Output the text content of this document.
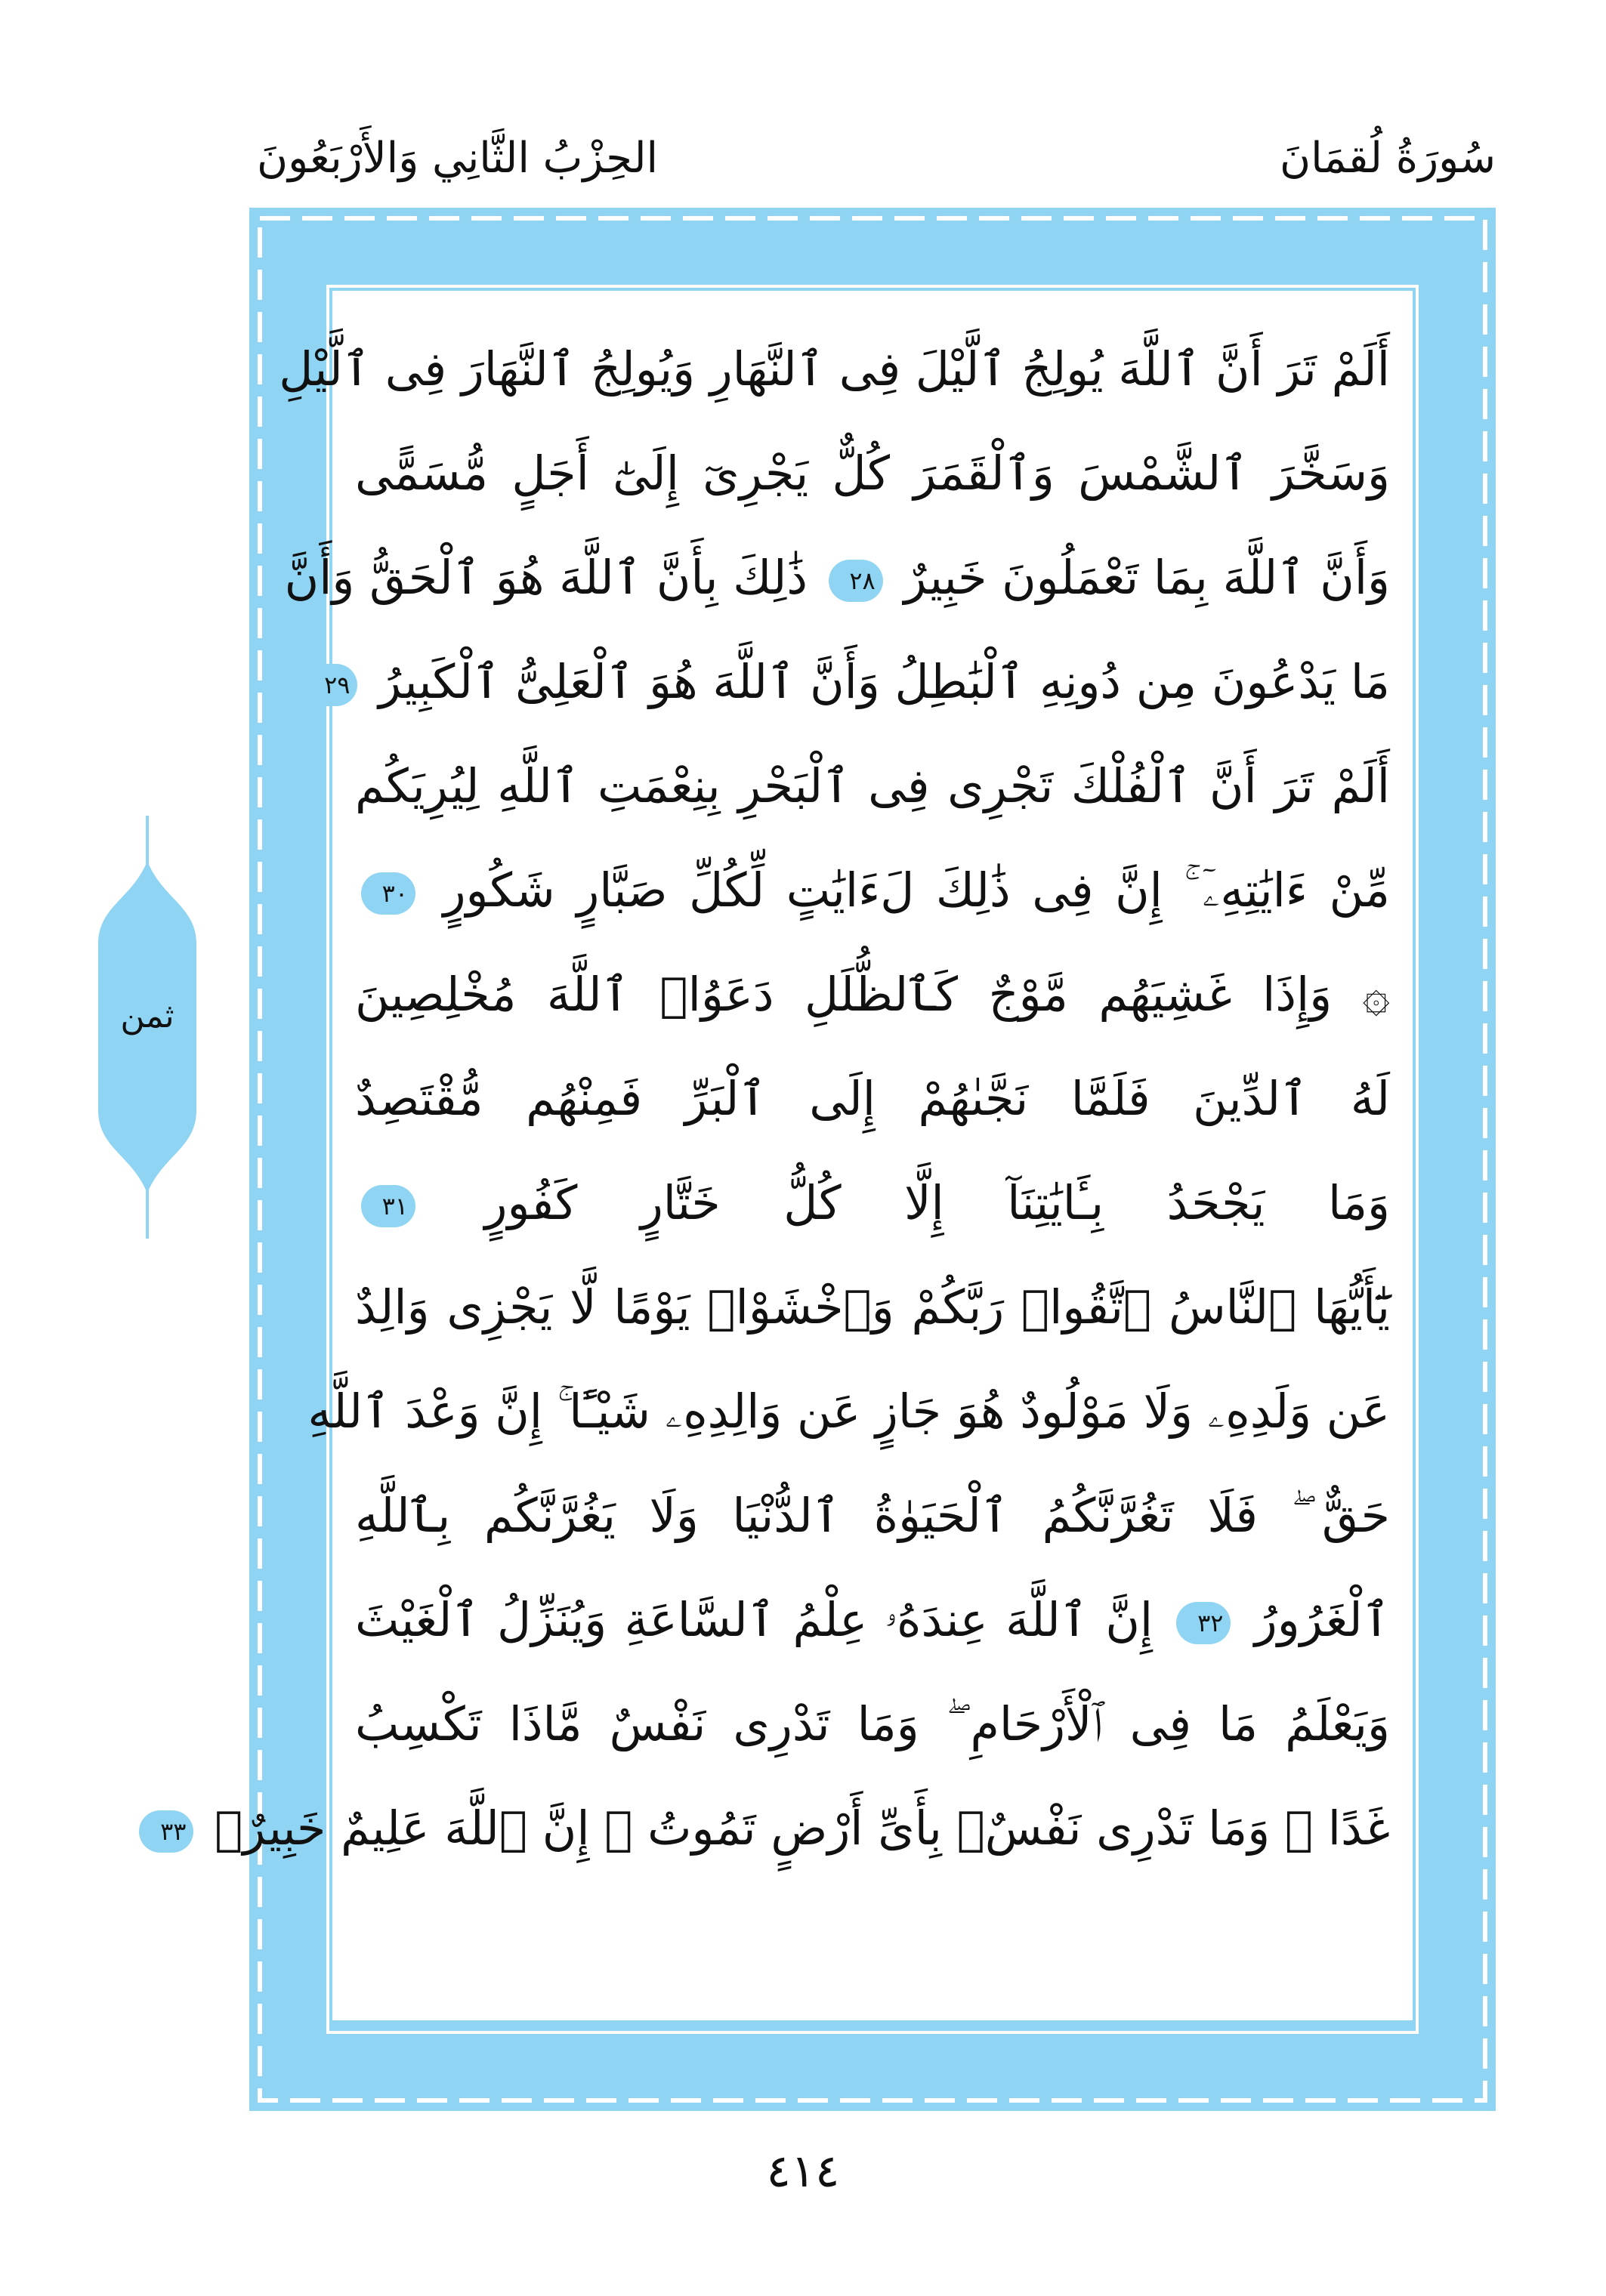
سُورَةُ لُقمَانَ
الحِزْبُ الثَّانِي وَالأَرْبَعُونَ
أَلَمْ تَرَ أَنَّ ٱللَّهَ يُولِجُ ٱلَّيْلَ فِى ٱلنَّهَارِ وَيُولِجُ ٱلنَّهَارَ فِى ٱلَّيْلِ
وَسَخَّرَ ٱلشَّمْسَ وَٱلْقَمَرَ كُلٌّ يَجْرِىٓ إِلَىٰٓ أَجَلٍ مُّسَمًّى
وَأَنَّ ٱللَّهَ بِمَا تَعْمَلُونَ خَبِيرٌ ٢٨ ذَٰلِكَ بِأَنَّ ٱللَّهَ هُوَ ٱلْحَقُّ وَأَنَّ
مَا يَدْعُونَ مِن دُونِهِ ٱلْبَٰطِلُ وَأَنَّ ٱللَّهَ هُوَ ٱلْعَلِىُّ ٱلْكَبِيرُ ٢٩
أَلَمْ تَرَ أَنَّ ٱلْفُلْكَ تَجْرِى فِى ٱلْبَحْرِ بِنِعْمَتِ ٱللَّهِ لِيُرِيَكُم
مِّنْ ءَايَٰتِهِۦٓ ۚ إِنَّ فِى ذَٰلِكَ لَءَايَٰتٍ لِّكُلِّ صَبَّارٍ شَكُورٍ ٣٠
۞ وَإِذَا غَشِيَهُم مَّوْجٌ كَٱلظُّلَلِ دَعَوُا۟ ٱللَّهَ مُخْلِصِينَ
لَهُ ٱلدِّينَ فَلَمَّا نَجَّىٰهُمْ إِلَى ٱلْبَرِّ فَمِنْهُم مُّقْتَصِدٌ
وَمَا يَجْحَدُ بِـَٔايَٰتِنَآ إِلَّا كُلُّ خَتَّارٍ كَفُورٍ ٣١
يَٰٓأَيُّهَا ٱلنَّاسُ ٱتَّقُوا۟ رَبَّكُمْ وَٱخْشَوْا۟ يَوْمًا لَّا يَجْزِى وَالِدٌ
عَن وَلَدِهِۦ وَلَا مَوْلُودٌ هُوَ جَازٍ عَن وَالِدِهِۦ شَيْـًٔا ۚ إِنَّ وَعْدَ ٱللَّهِ
حَقٌّ ۖ فَلَا تَغُرَّنَّكُمُ ٱلْحَيَوٰةُ ٱلدُّنْيَا وَلَا يَغُرَّنَّكُم بِٱللَّهِ
ٱلْغَرُورُ ٣٢ إِنَّ ٱللَّهَ عِندَهُۥ عِلْمُ ٱلسَّاعَةِ وَيُنَزِّلُ ٱلْغَيْثَ
وَيَعْلَمُ مَا فِى ٱلْأَرْحَامِ ۖ وَمَا تَدْرِى نَفْسٌ مَّاذَا تَكْسِبُ
غَدًا ۖ وَمَا تَدْرِى نَفْسٌۢ بِأَىِّ أَرْضٍ تَمُوتُ ۚ إِنَّ ٱللَّهَ عَلِيمٌ خَبِيرٌۢ ٣٣
ثمن
٤١٤
